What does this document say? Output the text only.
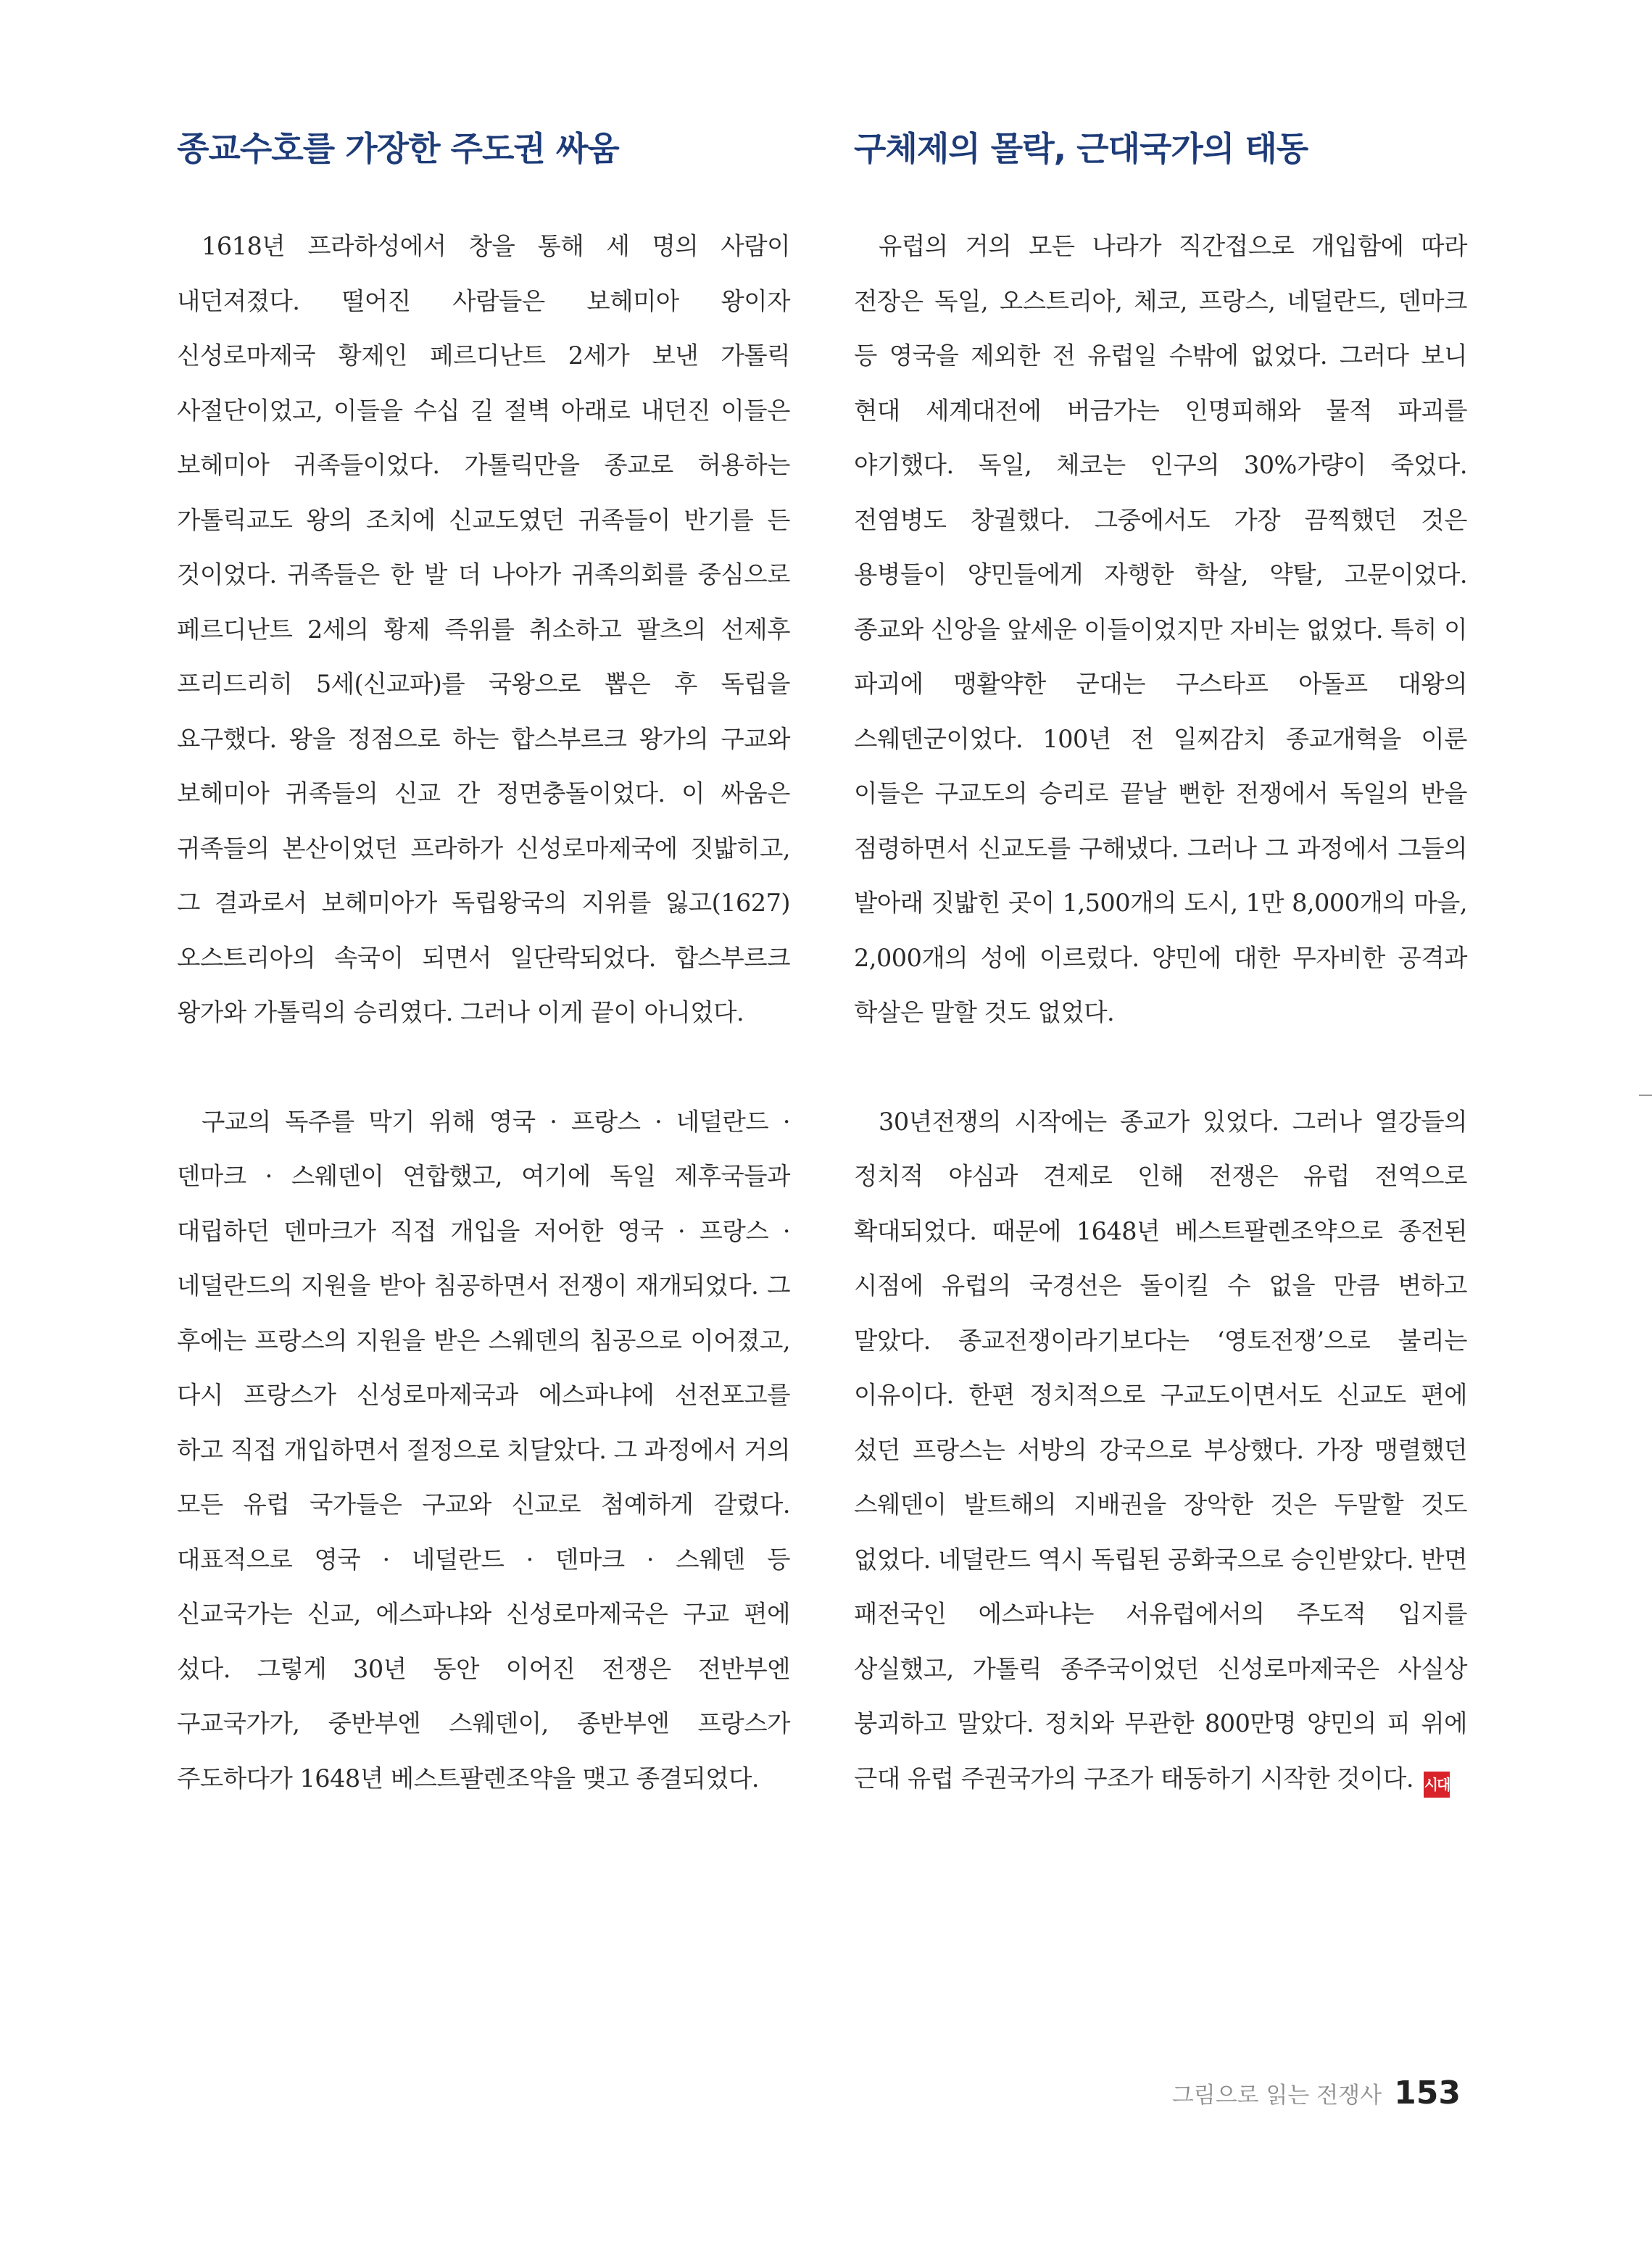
종교수호를 가장한 주도권 싸움

1618년 프라하성에서 창을 통해 세 명의 사람이 내던져졌다. 떨어진 사람들은 보헤미아 왕이자 신성로마제국 황제인 페르디난트 2세가 보낸 가톨릭 사절단이었고, 이들을 수십 길 절벽 아래로 내던진 이들은 보헤미아 귀족들이었다. 가톨릭만을 종교로 허용하는 가톨릭교도 왕의 조치에 신교도였던 귀족들이 반기를 든 것이었다. 귀족들은 한 발 더 나아가 귀족의회를 중심으로 페르디난트 2세의 황제 즉위를 취소하고 팔츠의 선제후 프리드리히 5세(신교파)를 국왕으로 뽑은 후 독립을 요구했다. 왕을 정점으로 하는 합스부르크 왕가의 구교와 보헤미아 귀족들의 신교 간 정면충돌이었다. 이 싸움은 귀족들의 본산이었던 프라하가 신성로마제국에 짓밟히고, 그 결과로서 보헤미아가 독립왕국의 지위를 잃고(1627) 오스트리아의 속국이 되면서 일단락되었다. 합스부르크 왕가와 가톨릭의 승리였다. 그러나 이게 끝이 아니었다.

구교의 독주를 막기 위해 영국 · 프랑스 · 네덜란드 · 덴마크 · 스웨덴이 연합했고, 여기에 독일 제후국들과 대립하던 덴마크가 직접 개입을 저어한 영국 · 프랑스 · 네덜란드의 지원을 받아 침공하면서 전쟁이 재개되었다. 그 후에는 프랑스의 지원을 받은 스웨덴의 침공으로 이어졌고, 다시 프랑스가 신성로마제국과 에스파냐에 선전포고를 하고 직접 개입하면서 절정으로 치달았다. 그 과정에서 거의 모든 유럽 국가들은 구교와 신교로 첨예하게 갈렸다. 대표적으로 영국 · 네덜란드 · 덴마크 · 스웨덴 등 신교국가는 신교, 에스파냐와 신성로마제국은 구교 편에 섰다. 그렇게 30년 동안 이어진 전쟁은 전반부엔 구교국가가, 중반부엔 스웨덴이, 종반부엔 프랑스가 주도하다가 1648년 베스트팔렌조약을 맺고 종결되었다.

구체제의 몰락, 근대국가의 태동

유럽의 거의 모든 나라가 직간접으로 개입함에 따라 전장은 독일, 오스트리아, 체코, 프랑스, 네덜란드, 덴마크 등 영국을 제외한 전 유럽일 수밖에 없었다. 그러다 보니 현대 세계대전에 버금가는 인명피해와 물적 파괴를 야기했다. 독일, 체코는 인구의 30%가량이 죽었다. 전염병도 창궐했다. 그중에서도 가장 끔찍했던 것은 용병들이 양민들에게 자행한 학살, 약탈, 고문이었다. 종교와 신앙을 앞세운 이들이었지만 자비는 없었다. 특히 이 파괴에 맹활약한 군대는 구스타프 아돌프 대왕의 스웨덴군이었다. 100년 전 일찌감치 종교개혁을 이룬 이들은 구교도의 승리로 끝날 뻔한 전쟁에서 독일의 반을 점령하면서 신교도를 구해냈다. 그러나 그 과정에서 그들의 발아래 짓밟힌 곳이 1,500개의 도시, 1만 8,000개의 마을, 2,000개의 성에 이르렀다. 양민에 대한 무자비한 공격과 학살은 말할 것도 없었다.

30년전쟁의 시작에는 종교가 있었다. 그러나 열강들의 정치적 야심과 견제로 인해 전쟁은 유럽 전역으로 확대되었다. 때문에 1648년 베스트팔렌조약으로 종전된 시점에 유럽의 국경선은 돌이킬 수 없을 만큼 변하고 말았다. 종교전쟁이라기보다는 ‘영토전쟁’으로 불리는 이유이다. 한편 정치적으로 구교도이면서도 신교도 편에 섰던 프랑스는 서방의 강국으로 부상했다. 가장 맹렬했던 스웨덴이 발트해의 지배권을 장악한 것은 두말할 것도 없었다. 네덜란드 역시 독립된 공화국으로 승인받았다. 반면 패전국인 에스파냐는 서유럽에서의 주도적 입지를 상실했고, 가톨릭 종주국이었던 신성로마제국은 사실상 붕괴하고 말았다. 정치와 무관한 800만명 양민의 피 위에 근대 유럽 주권국가의 구조가 태동하기 시작한 것이다. 시대

그림으로 읽는 전쟁사 153
